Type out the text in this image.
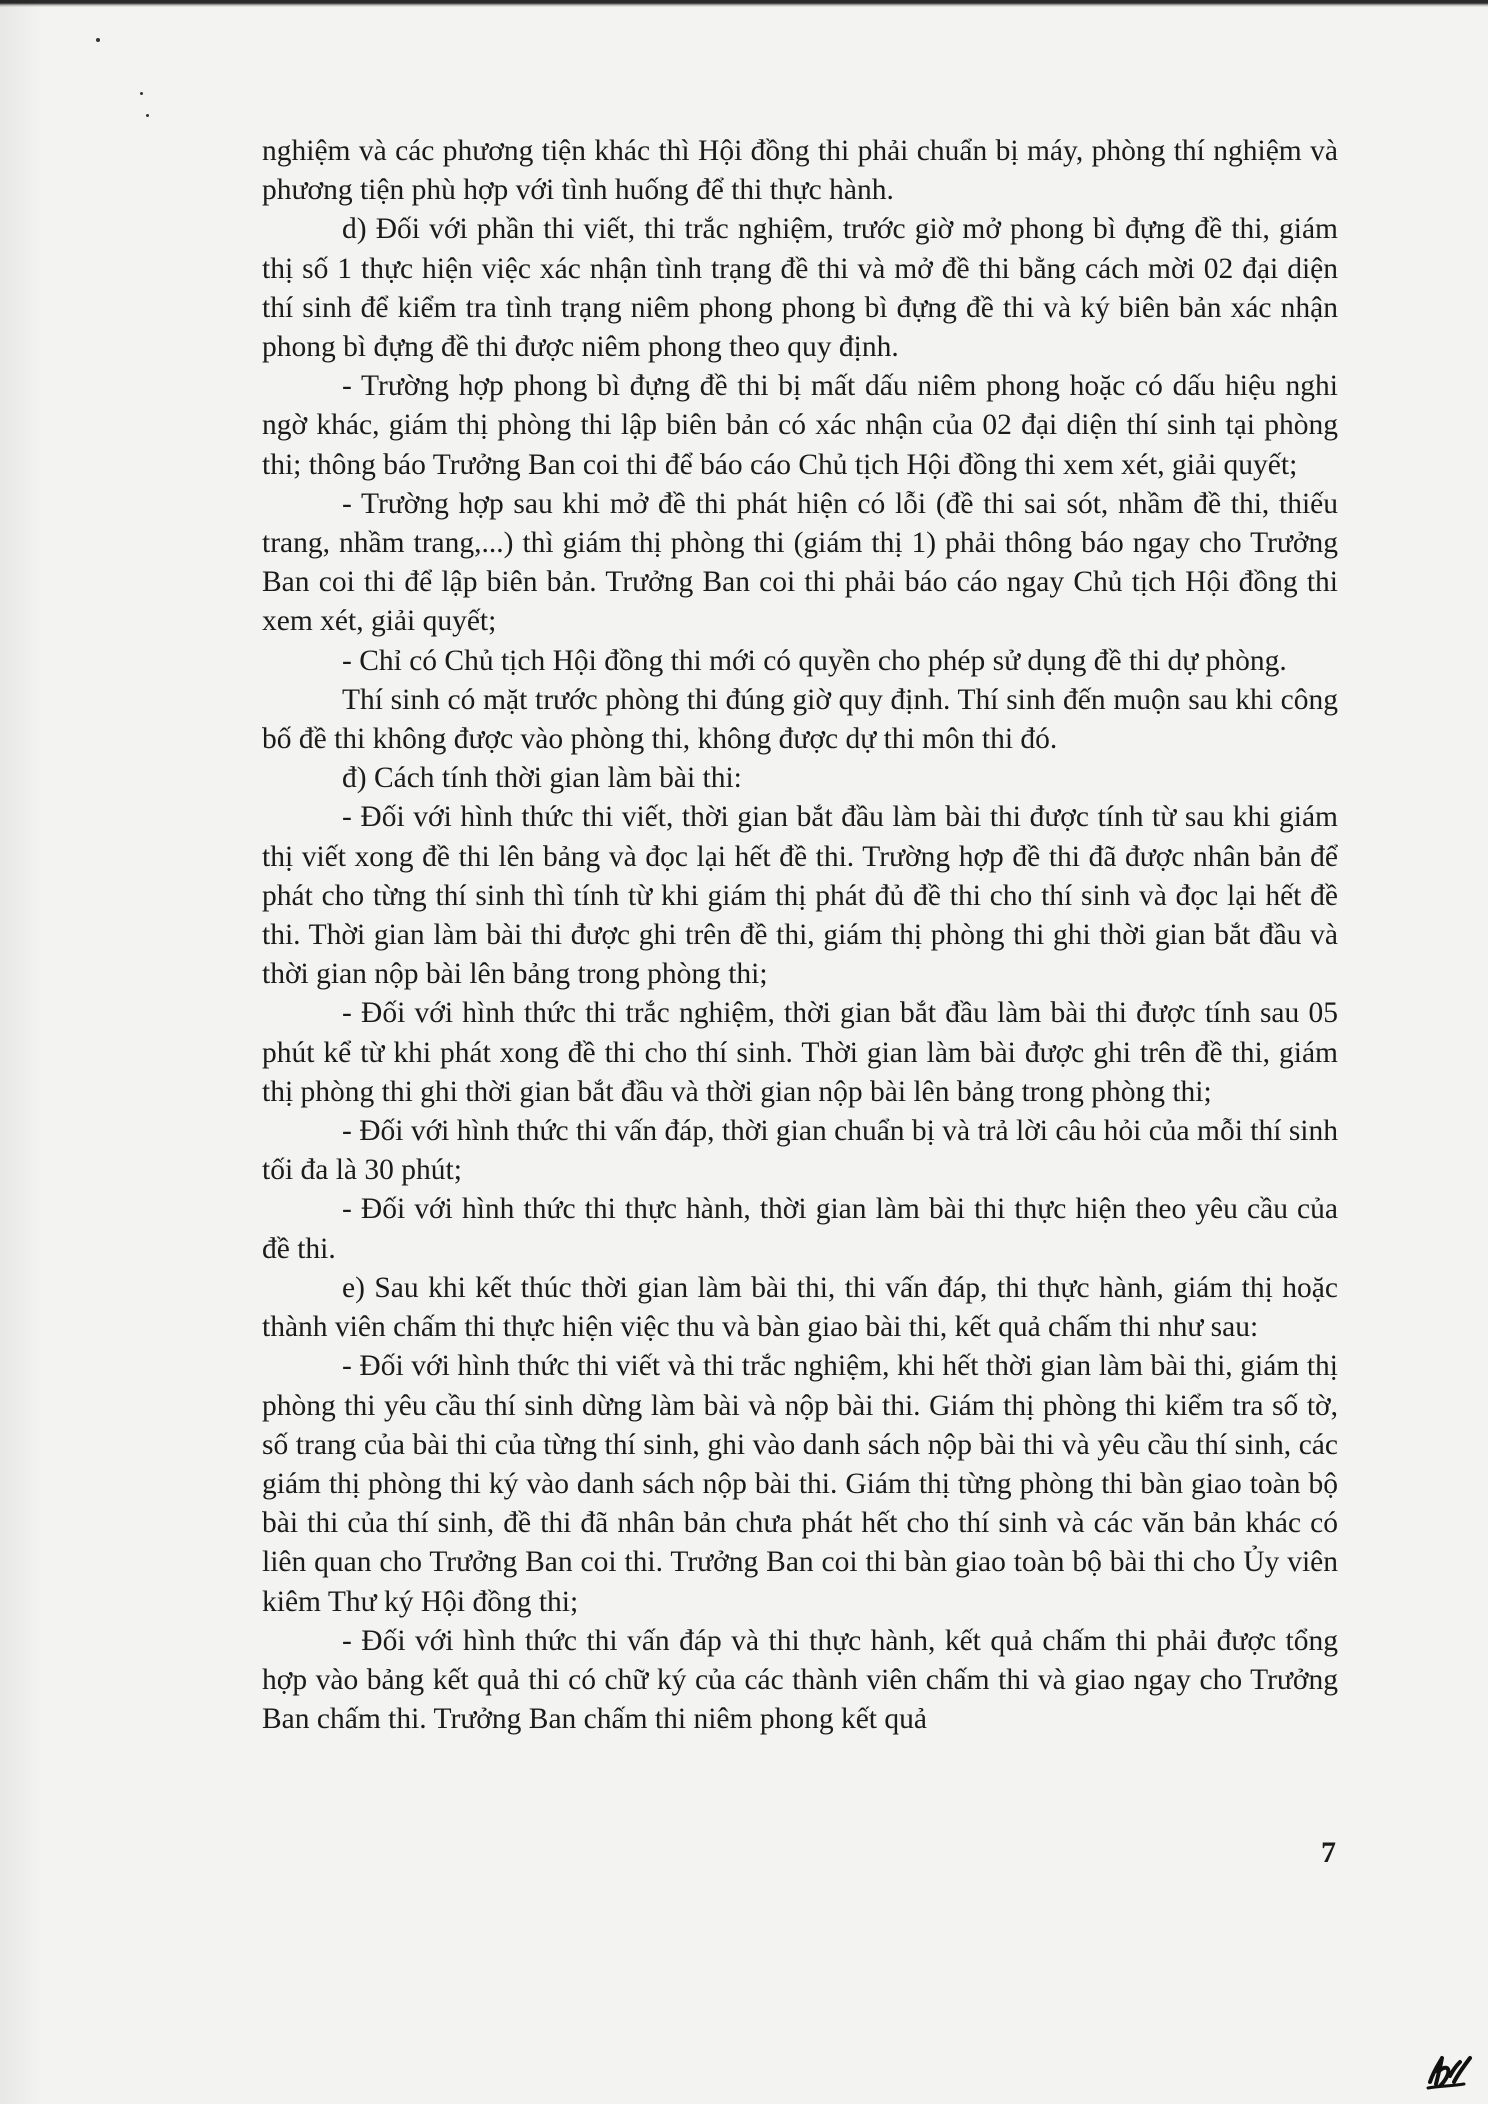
nghiệm và các phương tiện khác thì Hội đồng thi phải chuẩn bị máy, phòng thí nghiệm và phương tiện phù hợp với tình huống để thi thực hành.

d) Đối với phần thi viết, thi trắc nghiệm, trước giờ mở phong bì đựng đề thi, giám thị số 1 thực hiện việc xác nhận tình trạng đề thi và mở đề thi bằng cách mời 02 đại diện thí sinh để kiểm tra tình trạng niêm phong phong bì đựng đề thi và ký biên bản xác nhận phong bì đựng đề thi được niêm phong theo quy định.

- Trường hợp phong bì đựng đề thi bị mất dấu niêm phong hoặc có dấu hiệu nghi ngờ khác, giám thị phòng thi lập biên bản có xác nhận của 02 đại diện thí sinh tại phòng thi; thông báo Trưởng Ban coi thi để báo cáo Chủ tịch Hội đồng thi xem xét, giải quyết;

- Trường hợp sau khi mở đề thi phát hiện có lỗi (đề thi sai sót, nhầm đề thi, thiếu trang, nhầm trang,...) thì giám thị phòng thi (giám thị 1) phải thông báo ngay cho Trưởng Ban coi thi để lập biên bản. Trưởng Ban coi thi phải báo cáo ngay Chủ tịch Hội đồng thi xem xét, giải quyết;

- Chỉ có Chủ tịch Hội đồng thi mới có quyền cho phép sử dụng đề thi dự phòng.

Thí sinh có mặt trước phòng thi đúng giờ quy định. Thí sinh đến muộn sau khi công bố đề thi không được vào phòng thi, không được dự thi môn thi đó.

đ) Cách tính thời gian làm bài thi:

- Đối với hình thức thi viết, thời gian bắt đầu làm bài thi được tính từ sau khi giám thị viết xong đề thi lên bảng và đọc lại hết đề thi. Trường hợp đề thi đã được nhân bản để phát cho từng thí sinh thì tính từ khi giám thị phát đủ đề thi cho thí sinh và đọc lại hết đề thi. Thời gian làm bài thi được ghi trên đề thi, giám thị phòng thi ghi thời gian bắt đầu và thời gian nộp bài lên bảng trong phòng thi;

- Đối với hình thức thi trắc nghiệm, thời gian bắt đầu làm bài thi được tính sau 05 phút kể từ khi phát xong đề thi cho thí sinh. Thời gian làm bài được ghi trên đề thi, giám thị phòng thi ghi thời gian bắt đầu và thời gian nộp bài lên bảng trong phòng thi;

- Đối với hình thức thi vấn đáp, thời gian chuẩn bị và trả lời câu hỏi của mỗi thí sinh tối đa là 30 phút;

- Đối với hình thức thi thực hành, thời gian làm bài thi thực hiện theo yêu cầu của đề thi.

e) Sau khi kết thúc thời gian làm bài thi, thi vấn đáp, thi thực hành, giám thị hoặc thành viên chấm thi thực hiện việc thu và bàn giao bài thi, kết quả chấm thi như sau:

- Đối với hình thức thi viết và thi trắc nghiệm, khi hết thời gian làm bài thi, giám thị phòng thi yêu cầu thí sinh dừng làm bài và nộp bài thi. Giám thị phòng thi kiểm tra số tờ, số trang của bài thi của từng thí sinh, ghi vào danh sách nộp bài thi và yêu cầu thí sinh, các giám thị phòng thi ký vào danh sách nộp bài thi. Giám thị từng phòng thi bàn giao toàn bộ bài thi của thí sinh, đề thi đã nhân bản chưa phát hết cho thí sinh và các văn bản khác có liên quan cho Trưởng Ban coi thi. Trưởng Ban coi thi bàn giao toàn bộ bài thi cho Ủy viên kiêm Thư ký Hội đồng thi;

- Đối với hình thức thi vấn đáp và thi thực hành, kết quả chấm thi phải được tổng hợp vào bảng kết quả thi có chữ ký của các thành viên chấm thi và giao ngay cho Trưởng Ban chấm thi. Trưởng Ban chấm thi niêm phong kết quả

7
